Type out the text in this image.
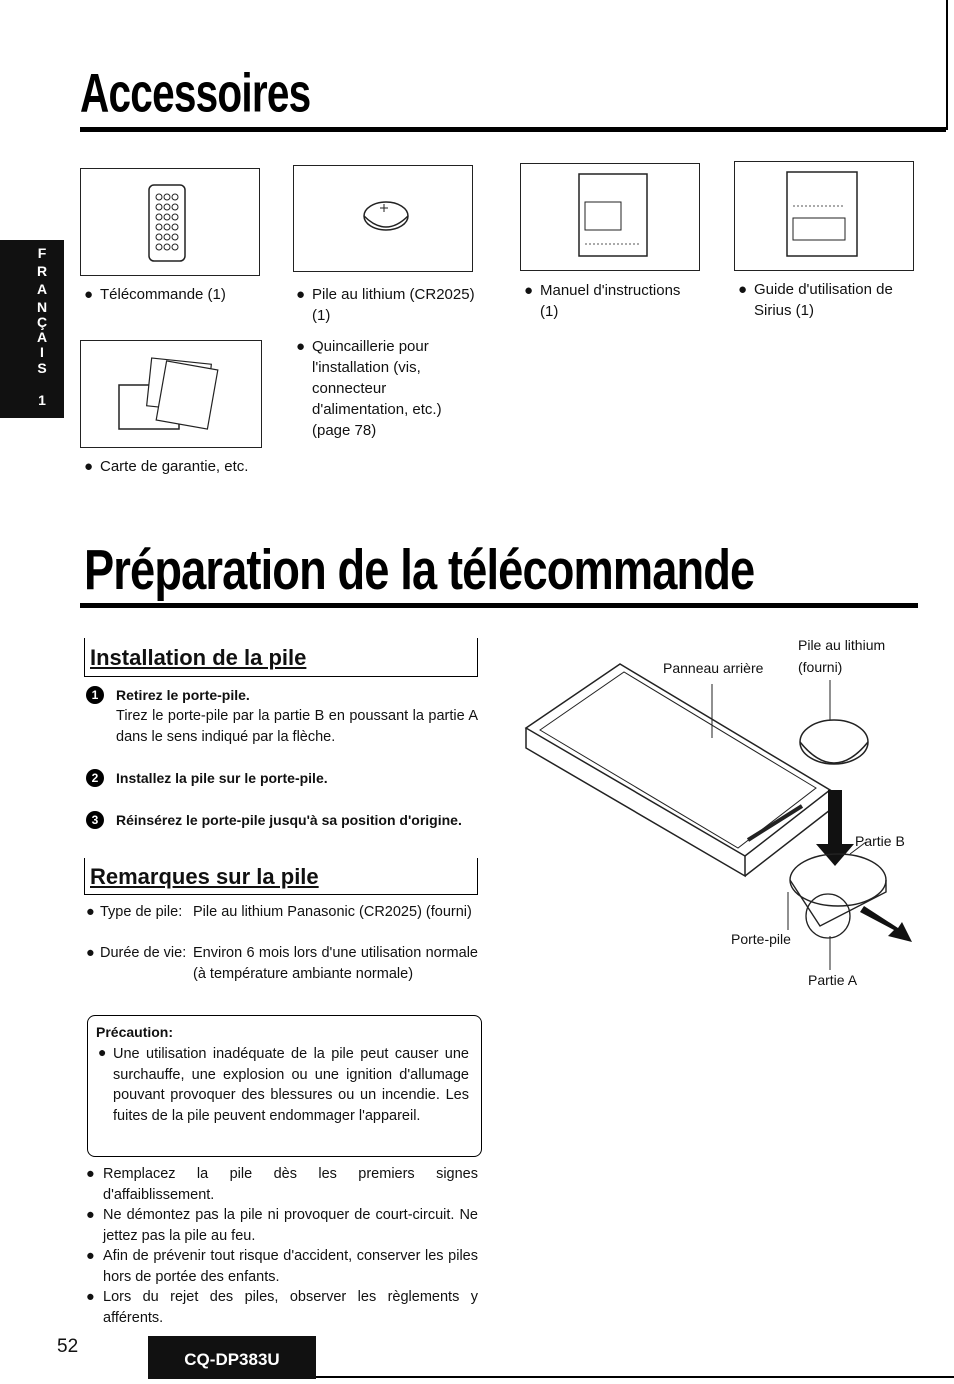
Accessoires
F
R
A
N
Ç
A
I
S
1
● Télécommande (1)	● Pile au lithium (CR2025)
(1)
● Manuel d'instructions
(1)
● Guide d'utilisation de
Sirius (1)
● Quincaillerie pour
l'installation (vis,
connecteur
d'alimentation, etc.)
(page 78)
● Carte de garantie, etc.
Préparation de la télécommande
Installation de la pile
1	Retirez le porte-pile.
Tirez le porte-pile par la partie B en poussant la partie A dans le sens indiqué par la flèche.
2	Installez la pile sur le porte-pile.
3	Réinsérez le porte-pile jusqu'à sa position d'origine.
Remarques sur la pile
● Type de pile: Pile au lithium Panasonic (CR2025) (fourni)
● Durée de vie: Environ 6 mois lors d'une utilisation normale (à température ambiante normale)
Précaution:
● Une utilisation inadéquate de la pile peut causer une surchauffe, une explosion ou une ignition d'allumage pouvant provoquer des blessures ou un incendie. Les fuites de la pile peuvent endommager l'appareil.
● Remplacez la pile dès les premiers signes d'affaiblissement.
● Ne démontez pas la pile ni provoquer de court-circuit. Ne jettez pas la pile au feu.
● Afin de prévenir tout risque d'accident, conserver les piles hors de portée des enfants.
● Lors du rejet des piles, observer les règlements y afférents.
Panneau arrière
Pile au lithium
(fourni)
Partie B
Porte-pile
Partie A
52
CQ-DP383U
